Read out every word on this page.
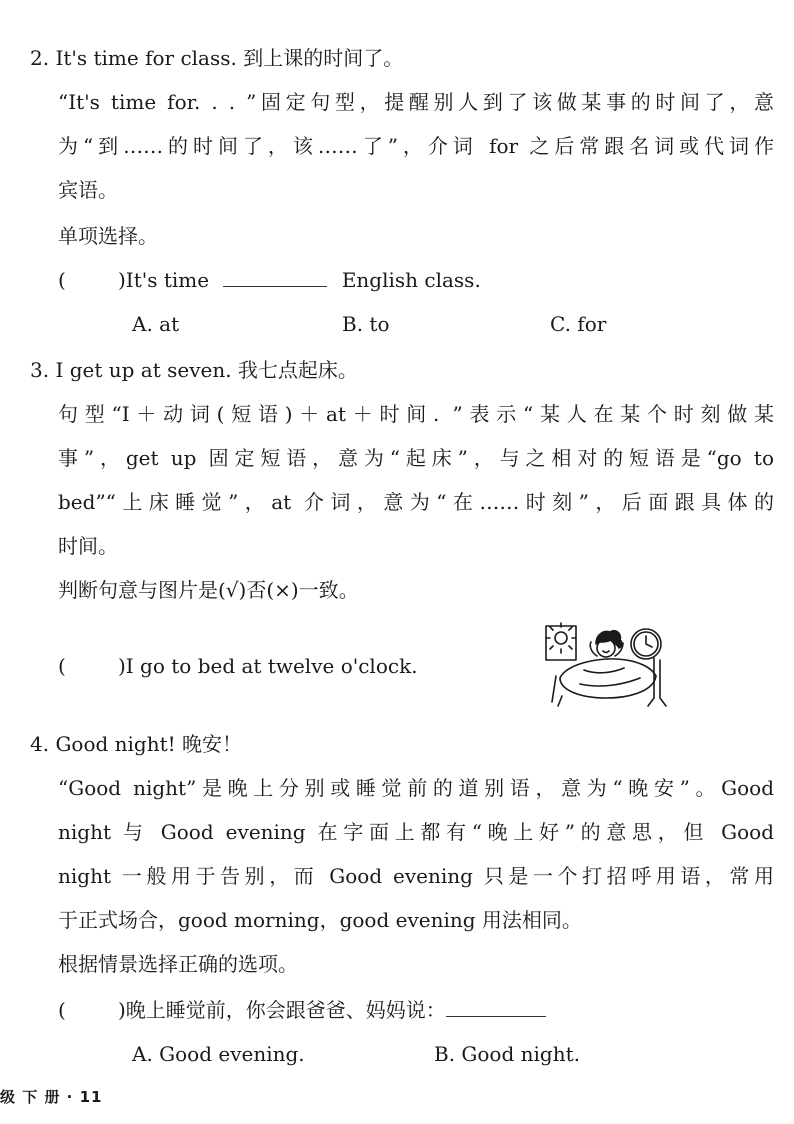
2. It's time for class. 到上课的时间了。
“It's time for. . . ”固定句型，提醒别人到了该做某事的时间了，意
为“到……的时间了，该……了”，介词 for 之后常跟名词或代词作
宾语。
单项选择。
(	)It's time	English class.
A. at	B. to	C. for
3. I get up at seven. 我七点起床。
句型“I＋动词(短语)＋at＋时间. ”表示“某人在某个时刻做某
事”，get up 固定短语，意为“起床”，与之相对的短语是“go to
bed”“上床睡觉”，at 介词，意为“在……时刻”，后面跟具体的
时间。
判断句意与图片是(√)否(×)一致。
(	)I go to bed at twelve o'clock.
4. Good night! 晚安！
“Good night”是晚上分别或睡觉前的道别语，意为“晚安”。Good
night 与 Good evening 在字面上都有“晚上好”的意思，但 Good
night 一般用于告别，而 Good evening 只是一个打招呼用语，常用
于正式场合，good morning，good evening 用法相同。
根据情景选择正确的选项。
(	)晚上睡觉前，你会跟爸爸、妈妈说：
A. Good evening.	B. Good night.
级 下 册 · 11
